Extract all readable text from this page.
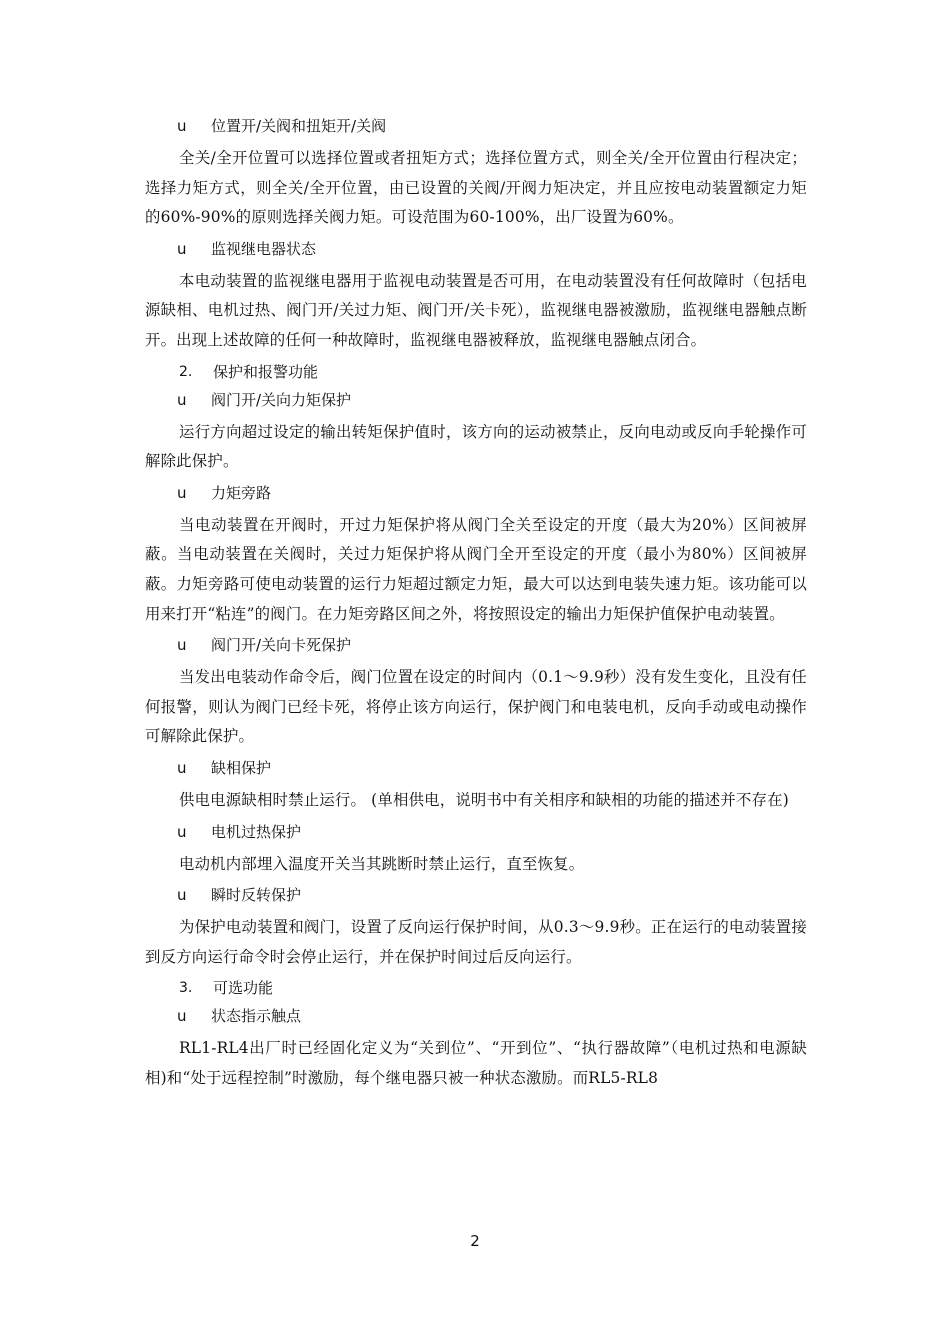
u	位置开/关阀和扭矩开/关阀

全关/全开位置可以选择位置或者扭矩方式；选择位置方式，则全关/全开位置由行程决定；选择力矩方式，则全关/全开位置，由已设置的关阀/开阀力矩决定，并且应按电动装置额定力矩的60%-90%的原则选择关阀力矩。可设范围为60-100%，出厂设置为60%。

u	监视继电器状态

本电动装置的监视继电器用于监视电动装置是否可用，在电动装置没有任何故障时（包括电源缺相、电机过热、阀门开/关过力矩、阀门开/关卡死），监视继电器被激励，监视继电器触点断开。出现上述故障的任何一种故障时，监视继电器被释放，监视继电器触点闭合。

2.	保护和报警功能
u	阀门开/关向力矩保护

运行方向超过设定的输出转矩保护值时，该方向的运动被禁止，反向电动或反向手轮操作可解除此保护。

u	力矩旁路

当电动装置在开阀时，开过力矩保护将从阀门全关至设定的开度（最大为20%）区间被屏蔽。当电动装置在关阀时，关过力矩保护将从阀门全开至设定的开度（最小为80%）区间被屏蔽。力矩旁路可使电动装置的运行力矩超过额定力矩，最大可以达到电装失速力矩。该功能可以用来打开“粘连”的阀门。在力矩旁路区间之外，将按照设定的输出力矩保护值保护电动装置。

u	阀门开/关向卡死保护

当发出电装动作命令后，阀门位置在设定的时间内（0.1～9.9秒）没有发生变化，且没有任何报警，则认为阀门已经卡死，将停止该方向运行，保护阀门和电装电机，反向手动或电动操作可解除此保护。

u	缺相保护

供电电源缺相时禁止运行。 (单相供电，说明书中有关相序和缺相的功能的描述并不存在)

u	电机过热保护

电动机内部埋入温度开关当其跳断时禁止运行，直至恢复。

u	瞬时反转保护

为保护电动装置和阀门，设置了反向运行保护时间，从0.3～9.9秒。正在运行的电动装置接到反方向运行命令时会停止运行，并在保护时间过后反向运行。

3.	可选功能
u	状态指示触点

RL1-RL4出厂时已经固化定义为“关到位”、“开到位”、“执行器故障”（电机过热和电源缺相)和“处于远程控制”时激励，每个继电器只被一种状态激励。而RL5-RL8

2
